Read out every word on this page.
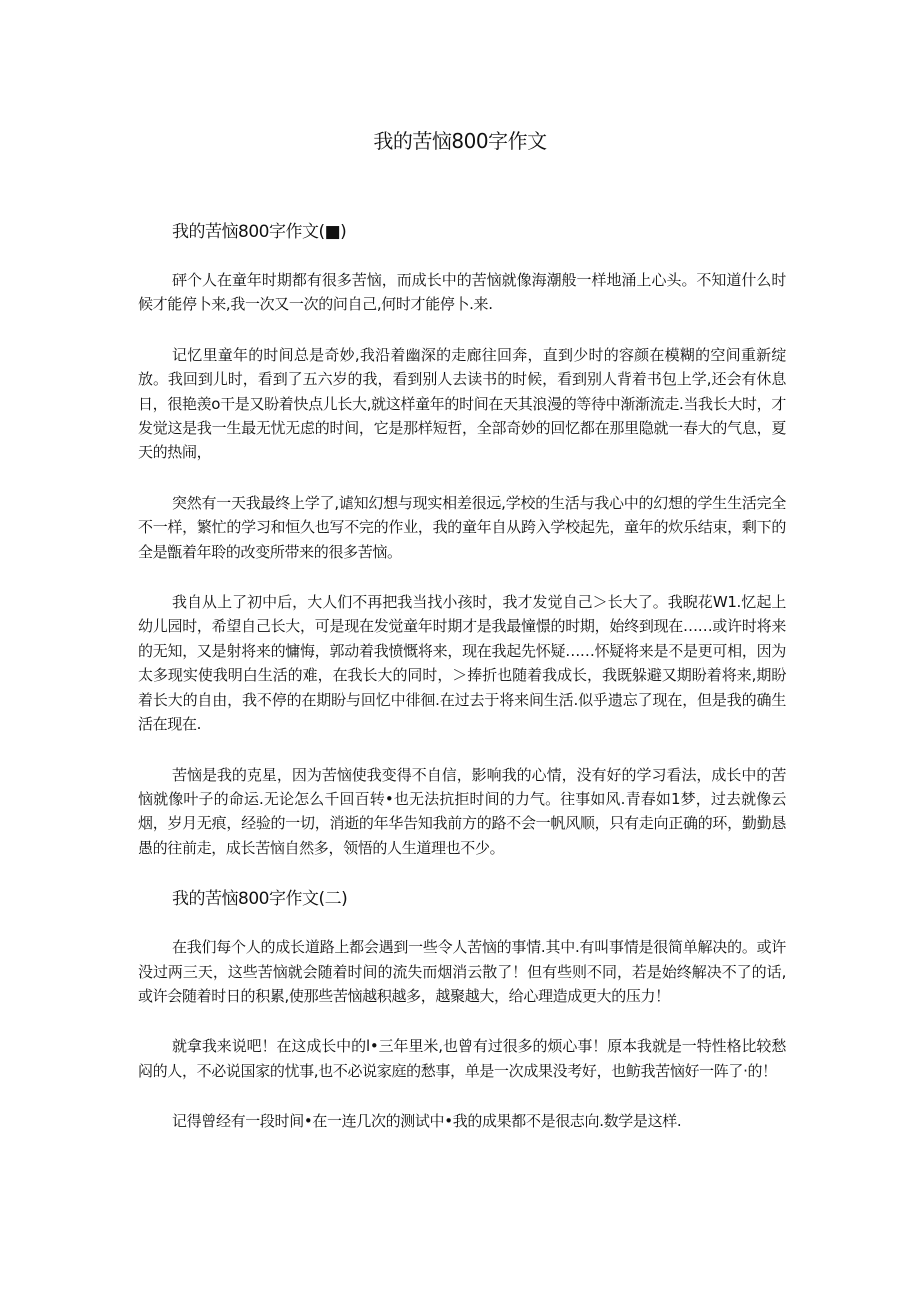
我的苦恼800字作文
我的苦恼800字作文(■)

砰个人在童年时期都有很多苦恼，而成长中的苦恼就像海潮般一样地涌上心头。不知道什么时候才能停卜来,我一次又一次的问自己,何时才能停卜.来.

记忆里童年的时间总是奇妙,我沿着幽深的走廊往回奔，直到少时的容颜在模糊的空间重新绽放。我回到儿时，看到了五六岁的我，看到别人去读书的时候，看到别人背着书包上学,还会有休息日，很艳羡o干是又盼着快点儿长大,就这样童年的时间在天其浪漫的等待中渐渐流走.当我长大时，才发觉这是我一生最无忧无虑的时间，它是那样短哲，全部奇妙的回忆都在那里隐就一春大的气息，夏天的热闹，

突然有一天我最终上学了,谑知幻想与现实相差很远,学校的生活与我心中的幻想的学生生活完全不一样，繁忙的学习和恒久也写不完的作业，我的童年自从跨入学校起先，童年的炊乐结束，剩下的全是甑着年聆的改变所带来的很多苦恼。

我自从上了初中后，大人们不再把我当找小孩时，我才发觉自己＞长大了。我睨花W1.忆起上幼儿园时，希望自己长大，可是现在发觉童年时期才是我最憧憬的时期，始终到现在……或许时将来的无知，又是射将来的慵悔，郭动着我愤慨将来，现在我起先怀疑……怀疑将来是不是更可相，因为太多现实使我明白生活的难，在我长大的同时，＞捧折也随着我成长，我既躲避又期盼着将来,期盼着长大的自由，我不停的在期盼与回忆中徘徊.在过去于将来间生活.似乎遗忘了现在，但是我的确生活在现在.

苦恼是我的克星，因为苦恼使我变得不自信，影响我的心情，没有好的学习看法，成长中的苦恼就像叶子的命运.无论怎么千回百转•也无法抗拒时间的力气。往事如风.青春如1梦，过去就像云烟，岁月无痕，经验的一切，消逝的年华告知我前方的路不会一帆风顺，只有走向正确的环，勤勤恳愚的往前走，成长苦恼自然多，领悟的人生道理也不少。

我的苦恼800字作文(二)

在我们每个人的成长道路上都会遇到一些令人苦恼的事情.其中.有叫事情是很简单解决的。或许没过两三天，这些苦恼就会随着时间的流失而烟消云散了！但有些则不同，若是始终解决不了的话,或许会随着时日的积累,使那些苦恼越积越多，越聚越大，给心理造成更大的压力！

就拿我来说吧！在这成长中的l•三年里米,也曾有过很多的烦心事！原本我就是一特性格比较愁闷的人，不必说国家的忧事,也不必说家庭的愁事，单是一次成果没考好，也鲂我苦恼好一阵了·的！

记得曾经有一段时间•在一连几次的测试中•我的成果都不是很志向.数学是这样.
